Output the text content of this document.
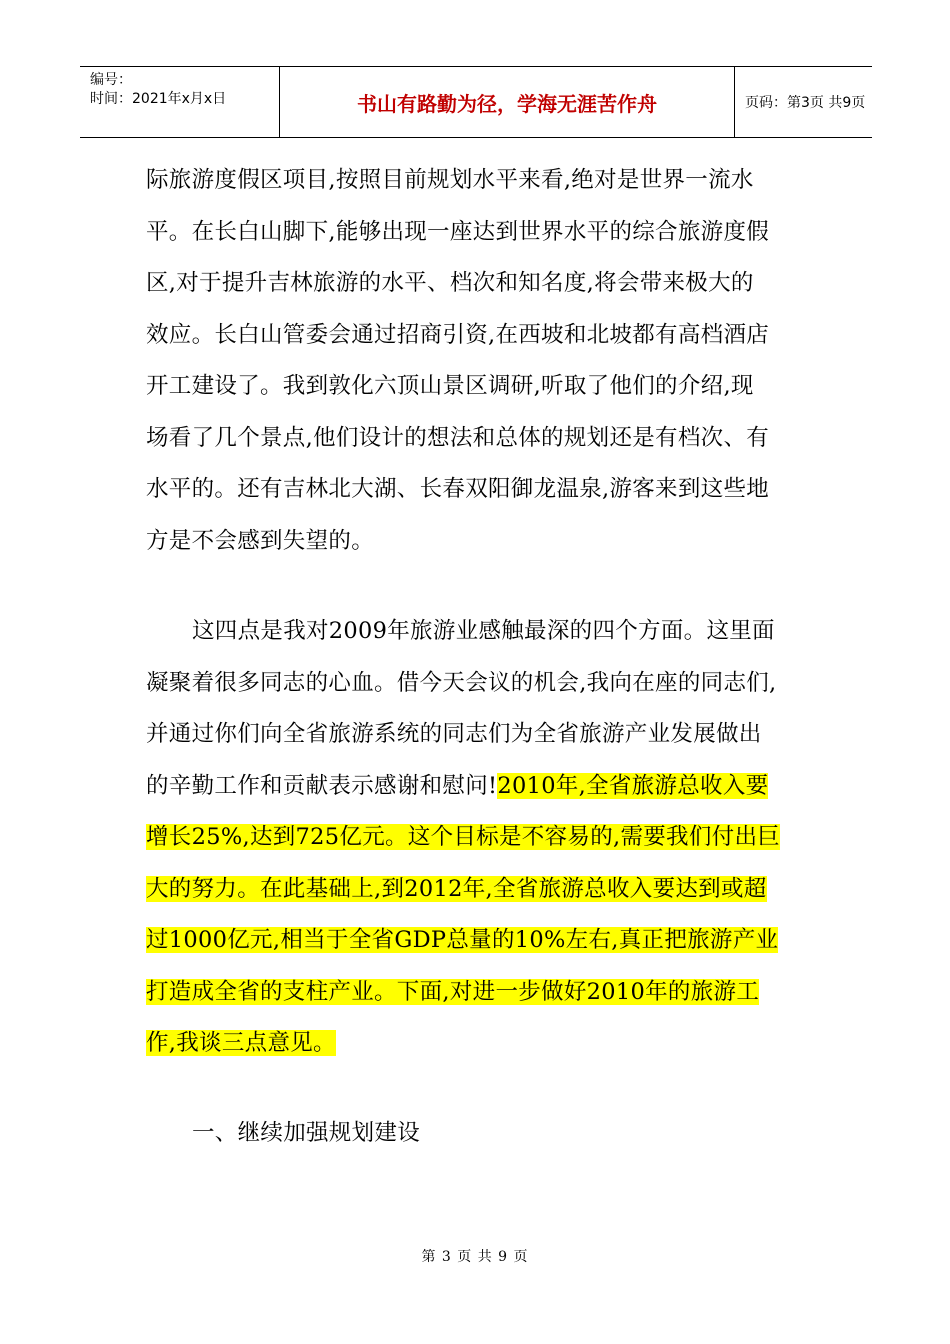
编号：
时间：2021年x月x日	书山有路勤为径，学海无涯苦作舟	页码：第3页 共9页
际旅游度假区项目,按照目前规划水平来看,绝对是世界一流水
平。在长白山脚下,能够出现一座达到世界水平的综合旅游度假
区,对于提升吉林旅游的水平、档次和知名度,将会带来极大的
效应。长白山管委会通过招商引资,在西坡和北坡都有高档酒店
开工建设了。我到敦化六顶山景区调研,听取了他们的介绍,现
场看了几个景点,他们设计的想法和总体的规划还是有档次、有
水平的。还有吉林北大湖、长春双阳御龙温泉,游客来到这些地
方是不会感到失望的。
这四点是我对2009年旅游业感触最深的四个方面。这里面
凝聚着很多同志的心血。借今天会议的机会,我向在座的同志们,
并通过你们向全省旅游系统的同志们为全省旅游产业发展做出
的辛勤工作和贡献表示感谢和慰问!2010年,全省旅游总收入要
增长25%,达到725亿元。这个目标是不容易的,需要我们付出巨
大的努力。在此基础上,到2012年,全省旅游总收入要达到或超
过1000亿元,相当于全省GDP总量的10%左右,真正把旅游产业
打造成全省的支柱产业。下面,对进一步做好2010年的旅游工
作,我谈三点意见。
一、继续加强规划建设
第 3 页 共 9 页
